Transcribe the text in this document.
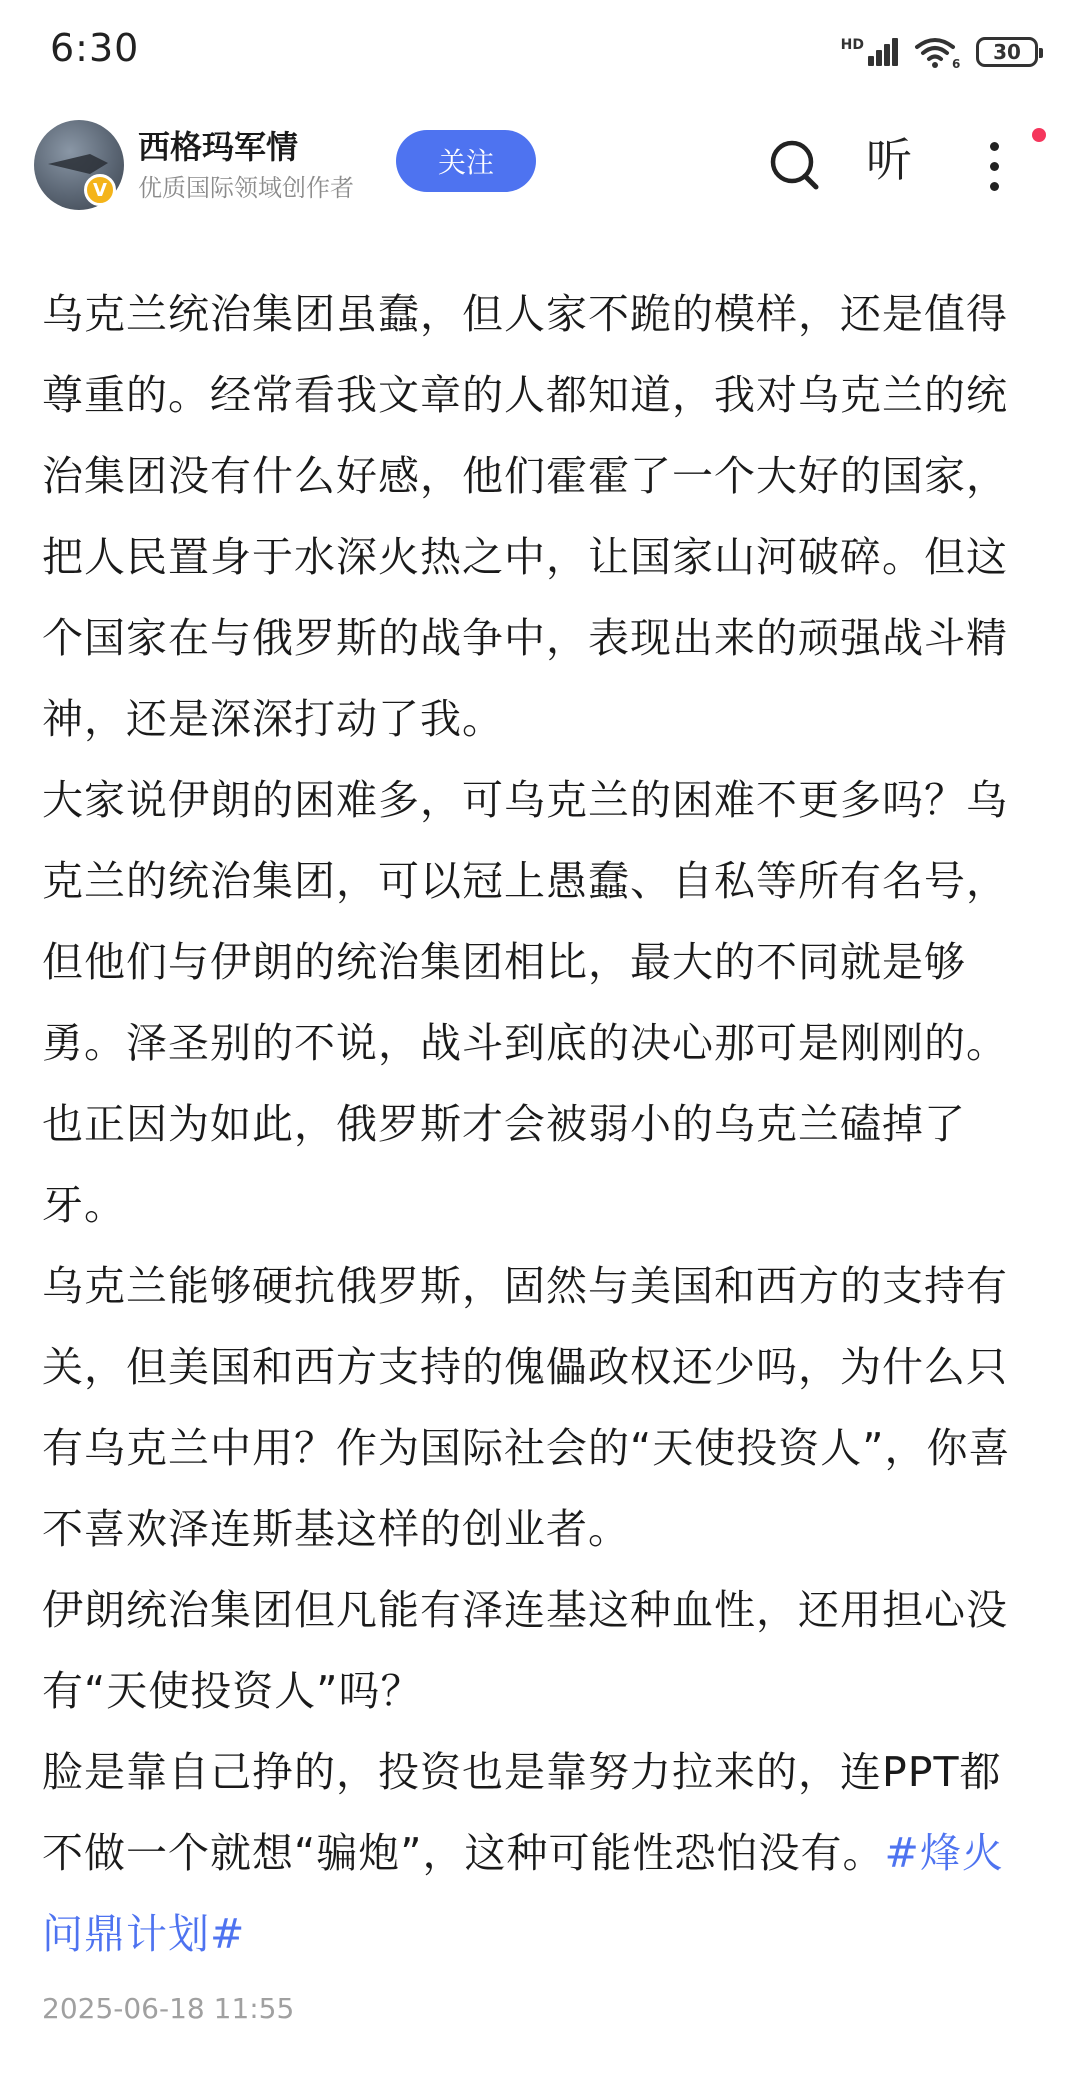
6:30	HD
6 30
V
西格玛军情
优质国际领域创作者
关注	听

乌克兰统治集团虽蠢，但人家不跪的模样，还是值得尊重的。经常看我文章的人都知道，我对乌克兰的统治集团没有什么好感，他们霍霍了一个大好的国家，把人民置身于水深火热之中，让国家山河破碎。但这个国家在与俄罗斯的战争中，表现出来的顽强战斗精神，还是深深打动了我。

大家说伊朗的困难多，可乌克兰的困难不更多吗？乌克兰的统治集团，可以冠上愚蠢、自私等所有名号，但他们与伊朗的统治集团相比，最大的不同就是够勇。泽圣别的不说，战斗到底的决心那可是刚刚的。也正因为如此，俄罗斯才会被弱小的乌克兰磕掉了牙。

乌克兰能够硬抗俄罗斯，固然与美国和西方的支持有关，但美国和西方支持的傀儡政权还少吗，为什么只有乌克兰中用？作为国际社会的“天使投资人”，你喜不喜欢泽连斯基这样的创业者。

伊朗统治集团但凡能有泽连基这种血性，还用担心没有“天使投资人”吗？

脸是靠自己挣的，投资也是靠努力拉来的，连PPT都不做一个就想“骗炮”，这种可能性恐怕没有。#烽火问鼎计划#

2025-06-18 11:55
